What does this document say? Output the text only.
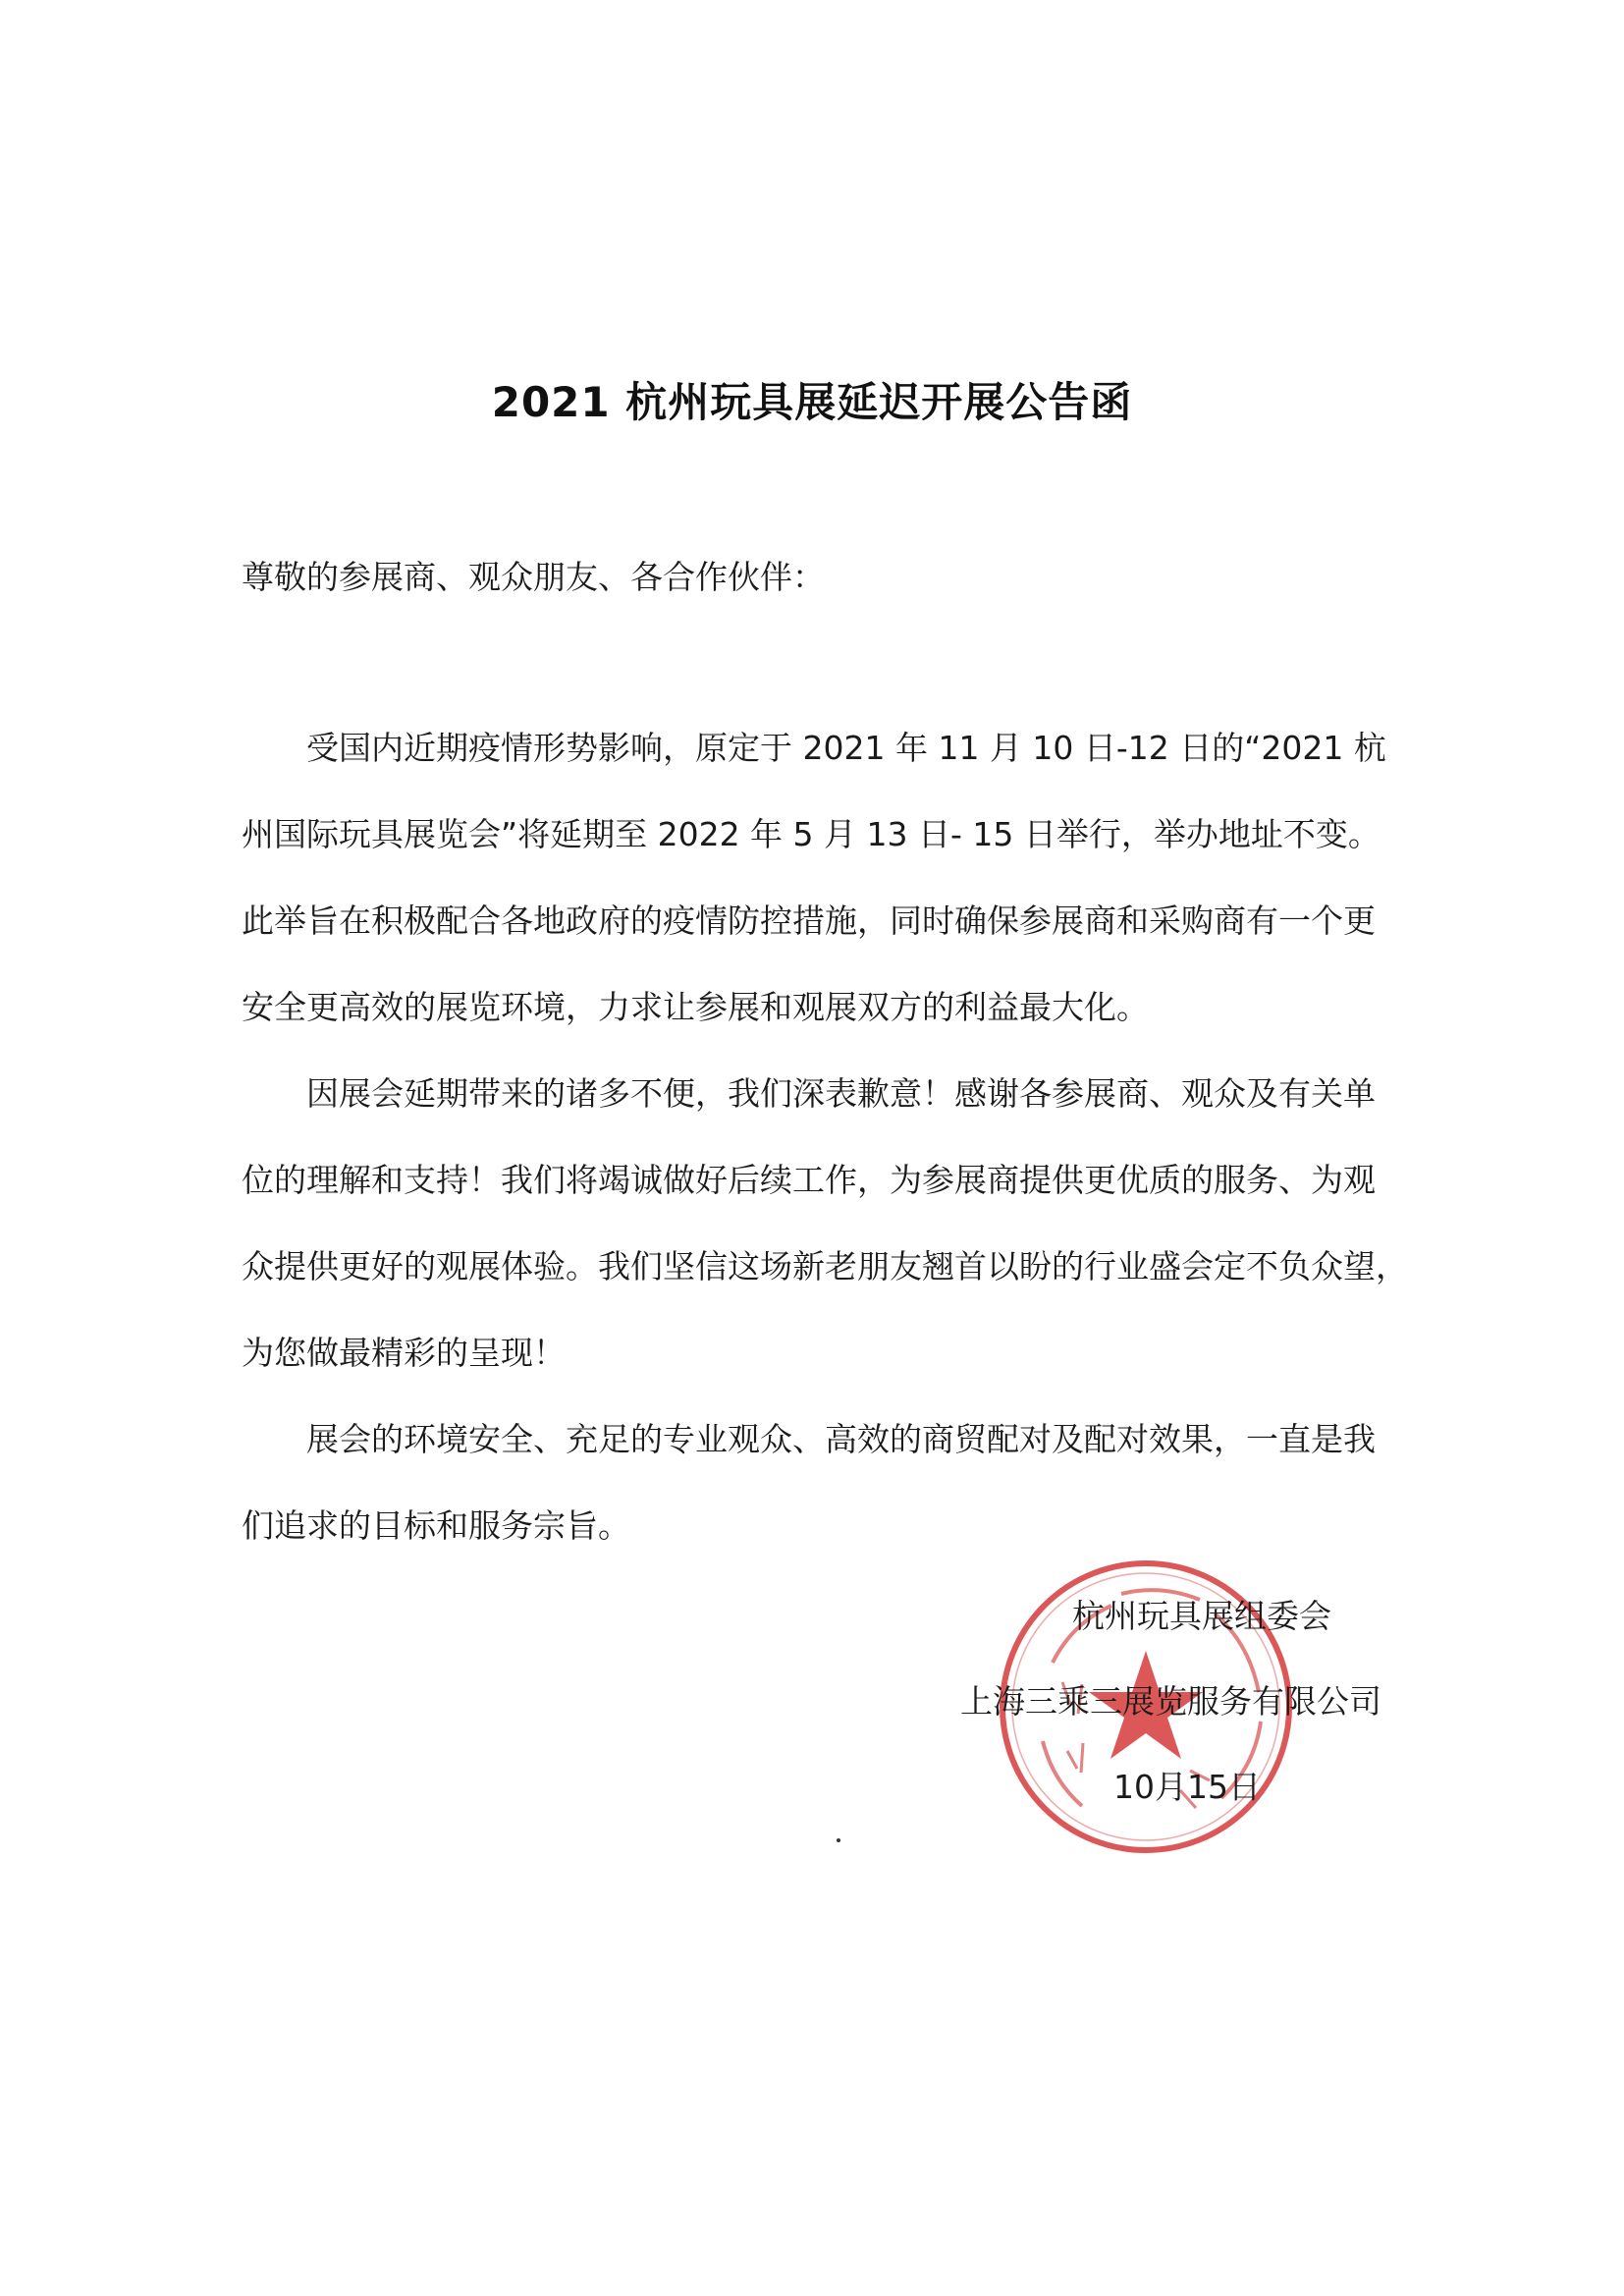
2021 杭州玩具展延迟开展公告函
尊敬的参展商、观众朋友、各合作伙伴：
　　受国内近期疫情形势影响，原定于 2021 年 11 月 10 日-12 日的“2021 杭
州国际玩具展览会”将延期至 2022 年 5 月 13 日- 15 日举行，举办地址不变。
此举旨在积极配合各地政府的疫情防控措施，同时确保参展商和采购商有一个更
安全更高效的展览环境，力求让参展和观展双方的利益最大化。
　　因展会延期带来的诸多不便，我们深表歉意！感谢各参展商、观众及有关单
位的理解和支持！我们将竭诚做好后续工作，为参展商提供更优质的服务、为观
众提供更好的观展体验。我们坚信这场新老朋友翘首以盼的行业盛会定不负众望，
为您做最精彩的呈现！
　　展会的环境安全、充足的专业观众、高效的商贸配对及配对效果，一直是我
们追求的目标和服务宗旨。
杭州玩具展组委会
上海三乘三展览服务有限公司
10月15日
